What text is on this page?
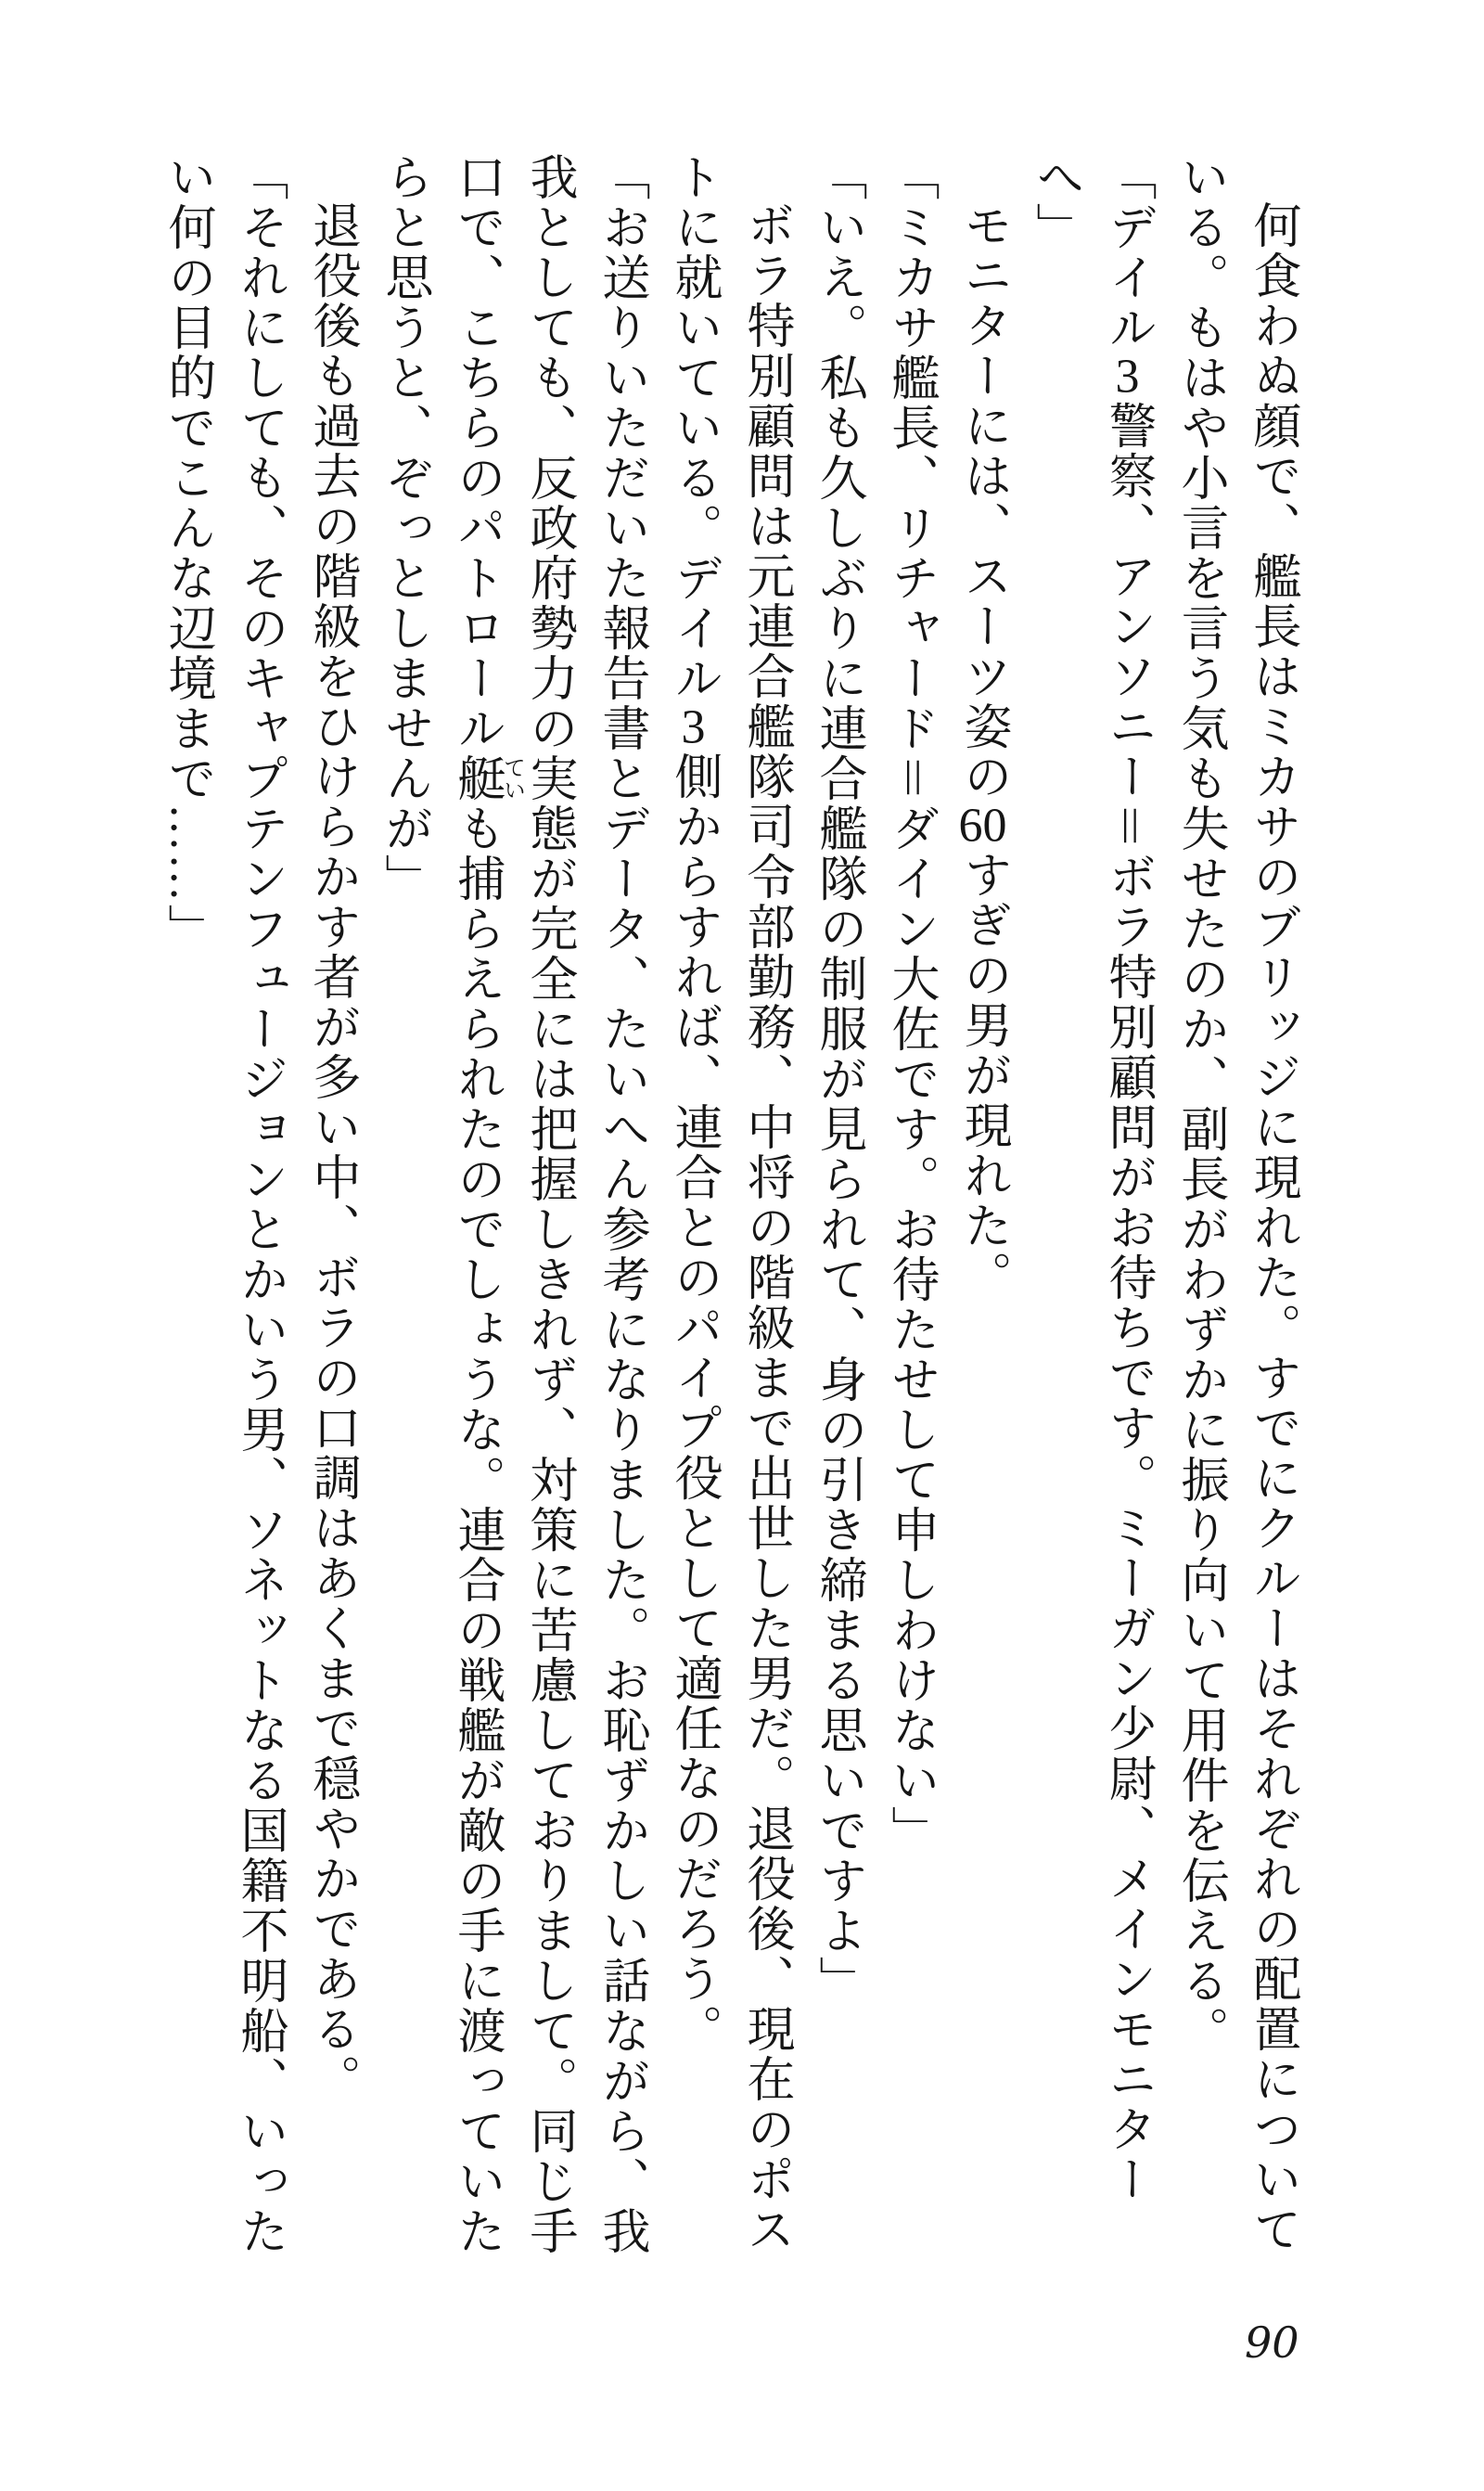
何食わぬ顔で、艦長はミカサのブリッジに現れた。すでにクルーはそれぞれの配置についている。もはや小言を言う気も失せたのか、副長がわずかに振り向いて用件を伝える。

「デイル3警察、アンソニー＝ボラ特別顧問がお待ちです。ミーガン少尉、メインモニターへ」

モニターには、スーツ姿の60すぎの男が現れた。

「ミカサ艦長、リチャード＝ダイン大佐です。お待たせして申しわけない」

「いえ。私も久しぶりに連合艦隊の制服が見られて、身の引き締まる思いですよ」

ボラ特別顧問は元連合艦隊司令部勤務、中将の階級まで出世した男だ。退役後、現在のポストに就いている。デイル3側からすれば、連合とのパイプ役として適任なのだろう。

「お送りいただいた報告書とデータ、たいへん参考になりました。お恥ずかしい話ながら、我我としても、反政府勢力の実態が完全には把握しきれず、対策に苦慮しておりまして。同じ手口で、こちらのパトロール艇ていも捕らえられたのでしょうな。連合の戦艦が敵の手に渡っていたらと思うと、ぞっとしませんが」

退役後も過去の階級をひけらかす者が多い中、ボラの口調はあくまで穏やかである。

「それにしても、そのキャプテンフュージョンとかいう男、ソネットなる国籍不明船、いったい何の目的でこんな辺境まで……」

90
